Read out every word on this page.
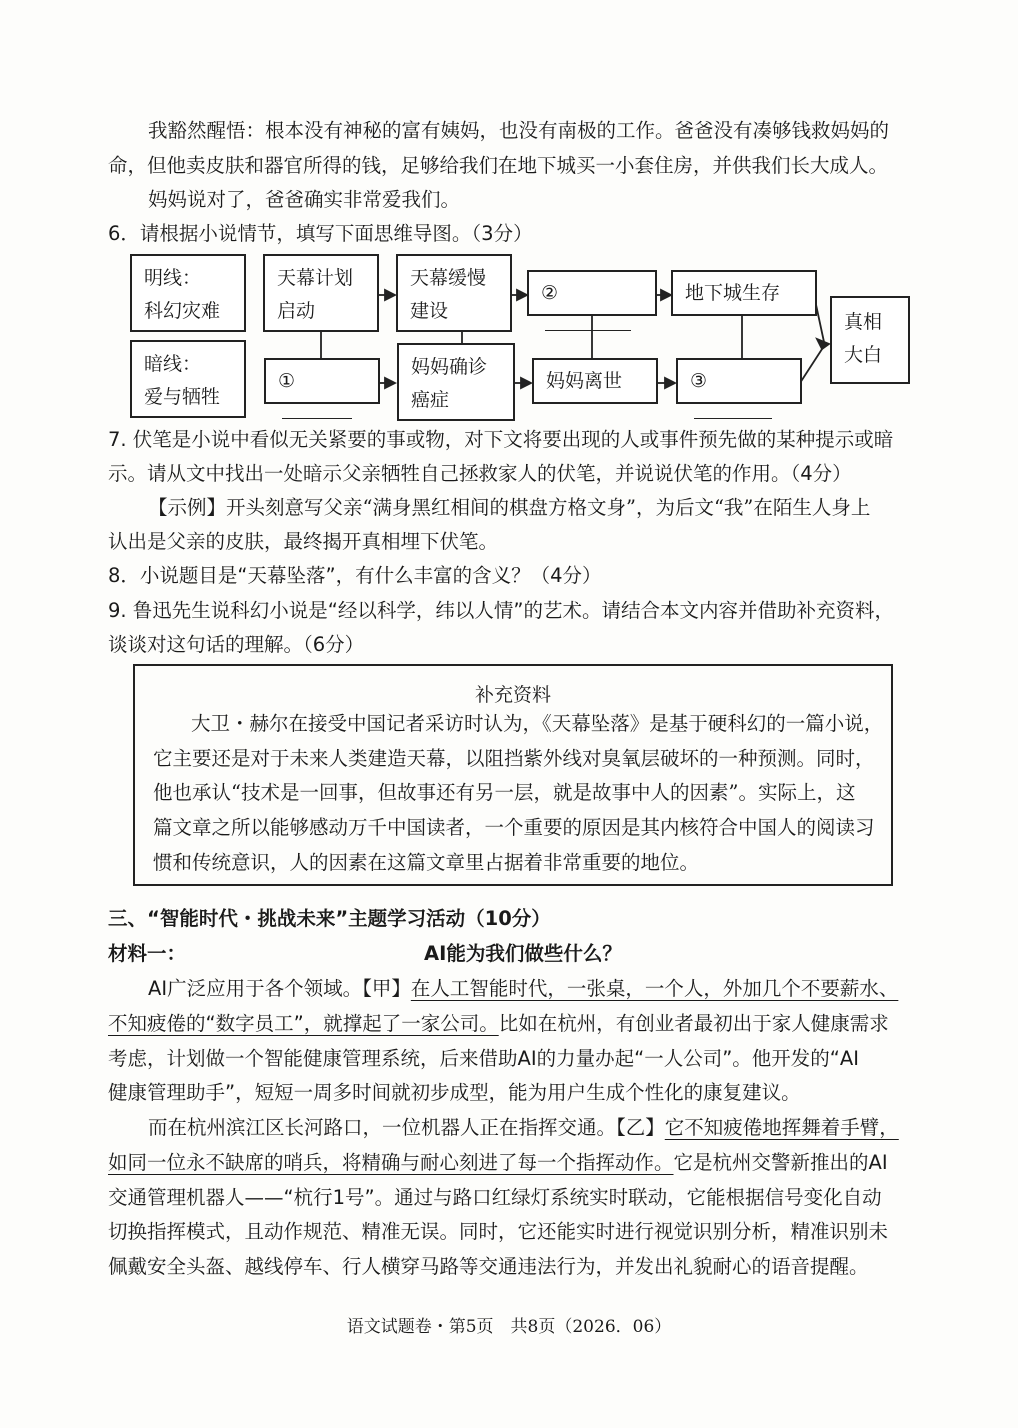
我豁然醒悟：根本没有神秘的富有姨妈，也没有南极的工作。爸爸没有凑够钱救妈妈的
命，但他卖皮肤和器官所得的钱，足够给我们在地下城买一小套住房，并供我们长大成人。
妈妈说对了，爸爸确实非常爱我们。
6．请根据小说情节，填写下面思维导图。（3分）
明线：
科幻灾难
天幕计划
启动
天幕缓慢
建设
②	地下城生存
真相
大白
暗线：
爱与牺牲
①
妈妈确诊
癌症
妈妈离世	③
7. 伏笔是小说中看似无关紧要的事或物，对下文将要出现的人或事件预先做的某种提示或暗
示。请从文中找出一处暗示父亲牺牲自己拯救家人的伏笔，并说说伏笔的作用。（4分）
【示例】开头刻意写父亲“满身黑红相间的棋盘方格文身”，为后文“我”在陌生人身上
认出是父亲的皮肤，最终揭开真相埋下伏笔。
8．小说题目是“天幕坠落”，有什么丰富的含义？（4分）
9. 鲁迅先生说科幻小说是“经以科学，纬以人情”的艺术。请结合本文内容并借助补充资料，
谈谈对这句话的理解。（6分）
补充资料
大卫・赫尔在接受中国记者采访时认为，《天幕坠落》是基于硬科幻的一篇小说，
它主要还是对于未来人类建造天幕，以阻挡紫外线对臭氧层破坏的一种预测。同时，
他也承认“技术是一回事，但故事还有另一层，就是故事中人的因素”。实际上，这
篇文章之所以能够感动万千中国读者，一个重要的原因是其内核符合中国人的阅读习
惯和传统意识，人的因素在这篇文章里占据着非常重要的地位。
三、“智能时代・挑战未来”主题学习活动（10分）
材料一：	AI能为我们做些什么？
AI广泛应用于各个领域。【甲】在人工智能时代，一张桌，一个人，外加几个不要薪水、
不知疲倦的“数字员工”，就撑起了一家公司。比如在杭州，有创业者最初出于家人健康需求
考虑，计划做一个智能健康管理系统，后来借助AI的力量办起“一人公司”。他开发的“AI
健康管理助手”，短短一周多时间就初步成型，能为用户生成个性化的康复建议。
而在杭州滨江区长河路口，一位机器人正在指挥交通。【乙】它不知疲倦地挥舞着手臂，
如同一位永不缺席的哨兵，将精确与耐心刻进了每一个指挥动作。它是杭州交警新推出的AI
交通管理机器人——“杭行1号”。通过与路口红绿灯系统实时联动，它能根据信号变化自动
切换指挥模式，且动作规范、精准无误。同时，它还能实时进行视觉识别分析，精准识别未
佩戴安全头盔、越线停车、行人横穿马路等交通违法行为，并发出礼貌耐心的语音提醒。
语文试题卷・第5页　共8页（2026．06）
